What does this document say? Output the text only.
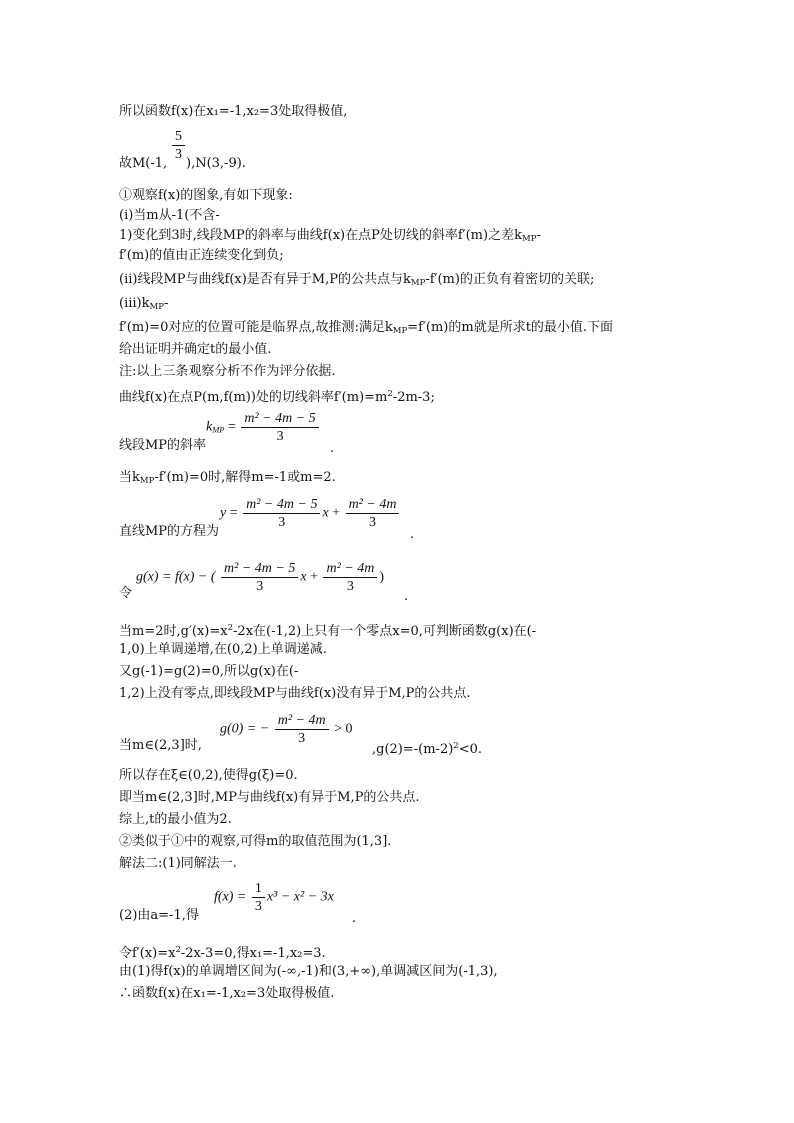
所以函数f(x)在x₁=-1,x₂=3处取得极值,
故M(-1,
$\frac{5}{3}$
),N(3,-9).
①观察f(x)的图象,有如下现象:
(ⅰ)当m从-1(不含-
1)变化到3时,线段MP的斜率与曲线f(x)在点P处切线的斜率f′(m)之差$k_{MP}-$
f′(m)的值由正连续变化到负;
(ⅱ)线段MP与曲线f(x)是否有异于M,P的公共点与$k_{MP}-f'(m)$的正负有着密切的关联;
$(ⅲ)k_{MP}-$
f′(m)=0对应的位置可能是临界点,故推测:满足$k_{MP}=f'(m)$的m就是所求t的最小值.下面
给出证明并确定t的最小值.
注:以上三条观察分析不作为评分依据.
曲线f(x)在点P(m,f(m))处的切线斜率$f'(m)=m^2-2m-3$;
线段MP的斜率
$k_{MP} = \frac{\text{m² − 4m − 5}}{3}$
.
当$k_{MP}-f'(m)=0$时,解得m=-1或m=2.
直线MP的方程为
$y = \frac{\text{m² − 4m − 5}}{3}$ $x + \frac{\text{m² − 4m}}{3}$
.
令
g(x) = f(x) − ( $\frac{\text{m² − 4m − 5}}{3}$ $x + \frac{\text{m² − 4m}}{3}$ )
.
当m=2时$,g'(x)=x^2-2x$在(-1,2)上只有一个零点x=0,可判断函数g(x)在(-
1,0)上单调递增,在(0,2)上单调递减.
又g(-1)=g(2)=0,所以g(x)在(-
1,2)上没有零点,即线段MP与曲线f(x)没有异于M,P的公共点.
当m∈(2,3]时,
g(0) = − $\frac{\text{m² − 4m}}{3} > 0$
$,g(2)=-(m-2)^2<0$.
所以存在ξ∈(0,2),使得g(ξ)=0.
即当m∈(2,3]时,MP与曲线f(x)有异于M,P的公共点.
综上,t的最小值为2.
②类似于①中的观察,可得m的取值范围为(1,3].
解法二:(1)同解法一.
(2)由a=-1,得
$f(x) = \frac{1}{3} x^3 - x^2 - 3x$
.
令$f'(x)=x^2-2x-3=0$,得x₁=-1,x₂=3.
由(1)得f(x)的单调增区间为(-∞,-1)和(3,+∞),单调减区间为(-1,3),
∴函数f(x)在x₁=-1,x₂=3处取得极值.
